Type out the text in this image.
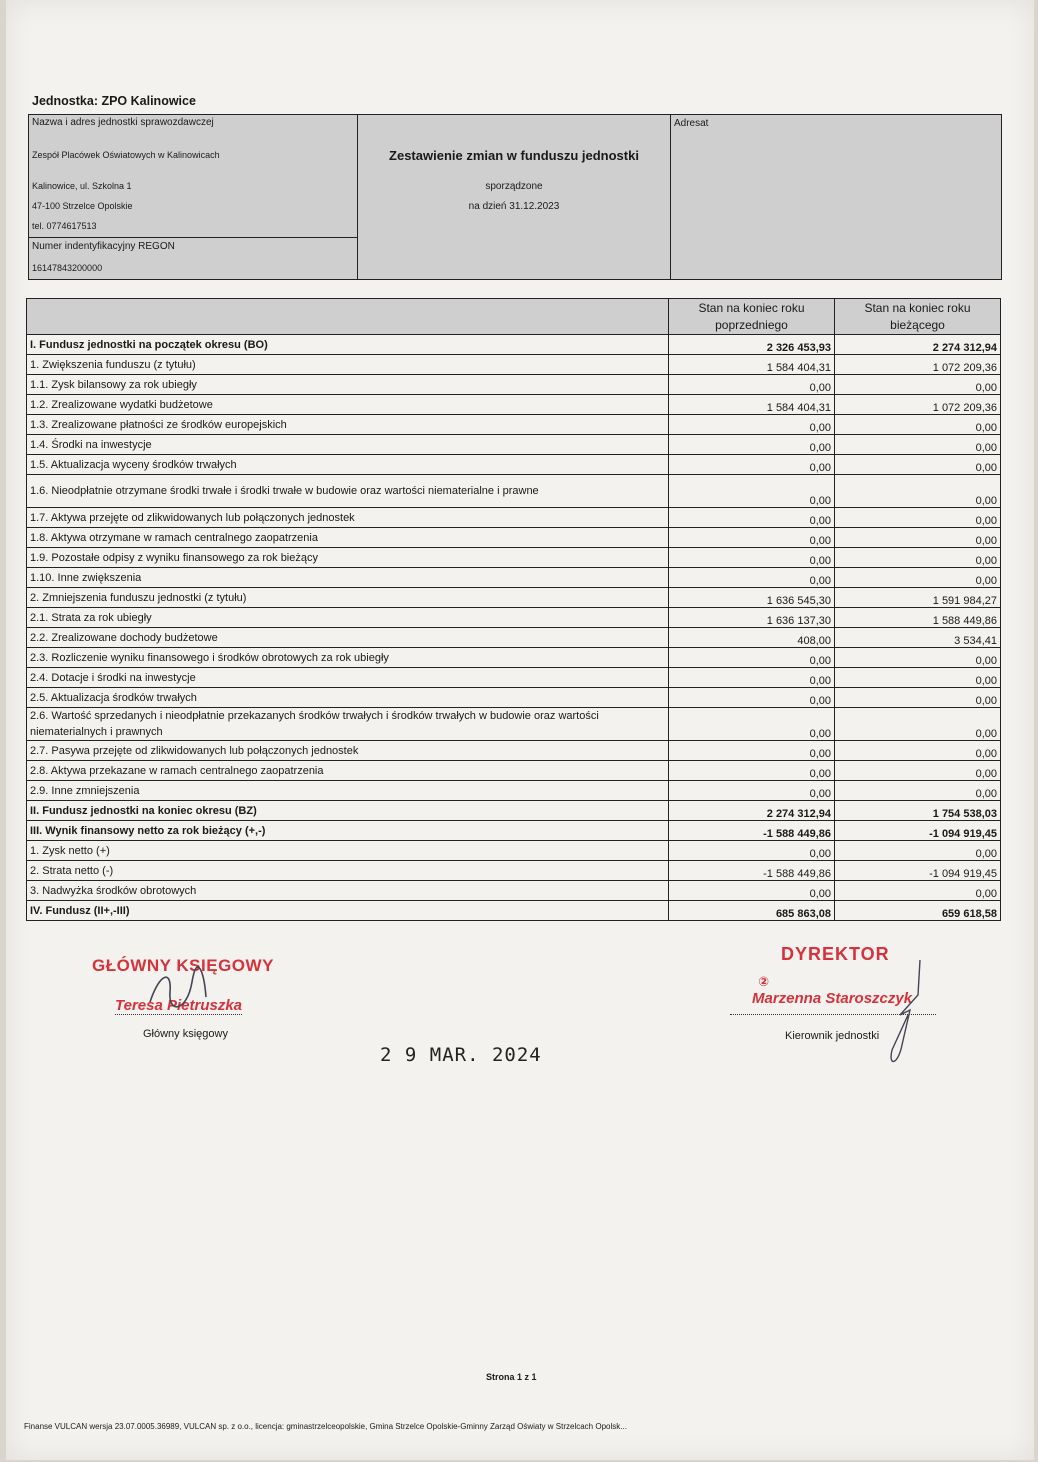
Jednostka: ZPO Kalinowice
Nazwa i adres jednostki sprawozdawczej
Zespół Placówek Oświatowych w Kalinowicach
Kalinowice, ul. Szkolna 1
47-100 Strzelce Opolskie
tel. 0774617513
Numer indentyfikacyjny REGON
16147843200000
Zestawienie zmian w funduszu jednostki
sporządzone
na dzień 31.12.2023
Adresat
	Stan na koniec roku poprzedniego	Stan na koniec roku bieżącego
I. Fundusz jednostki na początek okresu (BO)	2 326 453,93	2 274 312,94
1. Zwiększenia funduszu (z tytułu)	1 584 404,31	1 072 209,36
1.1. Zysk bilansowy za rok ubiegły	0,00	0,00
1.2. Zrealizowane wydatki budżetowe	1 584 404,31	1 072 209,36
1.3. Zrealizowane płatności ze środków europejskich	0,00	0,00
1.4. Środki na inwestycje	0,00	0,00
1.5. Aktualizacja wyceny środków trwałych	0,00	0,00
1.6. Nieodpłatnie otrzymane środki trwałe i środki trwałe w budowie oraz wartości niematerialne i prawne	0,00	0,00
1.7. Aktywa przejęte od zlikwidowanych lub połączonych jednostek	0,00	0,00
1.8. Aktywa otrzymane w ramach centralnego zaopatrzenia	0,00	0,00
1.9. Pozostałe odpisy z wyniku finansowego za rok bieżący	0,00	0,00
1.10. Inne zwiększenia	0,00	0,00
2. Zmniejszenia funduszu jednostki (z tytułu)	1 636 545,30	1 591 984,27
2.1. Strata za rok ubiegły	1 636 137,30	1 588 449,86
2.2. Zrealizowane dochody budżetowe	408,00	3 534,41
2.3. Rozliczenie wyniku finansowego i środków obrotowych za rok ubiegły	0,00	0,00
2.4. Dotacje i środki na inwestycje	0,00	0,00
2.5. Aktualizacja środków trwałych	0,00	0,00
2.6. Wartość sprzedanych i nieodpłatnie przekazanych środków trwałych i środków trwałych w budowie oraz wartości niematerialnych i prawnych	0,00	0,00
2.7. Pasywa przejęte od zlikwidowanych lub połączonych jednostek	0,00	0,00
2.8. Aktywa przekazane w ramach centralnego zaopatrzenia	0,00	0,00
2.9. Inne zmniejszenia	0,00	0,00
II. Fundusz jednostki na koniec okresu (BZ)	2 274 312,94	1 754 538,03
III. Wynik finansowy netto za rok bieżący (+,-)	-1 588 449,86	-1 094 919,45
1. Zysk netto (+)	0,00	0,00
2. Strata netto (-)	-1 588 449,86	-1 094 919,45
3. Nadwyżka środków obrotowych	0,00	0,00
IV. Fundusz (II+,-III)	685 863,08	659 618,58
GŁÓWNY KSIĘGOWY
Teresa Pietruszka
Główny księgowy
DYREKTOR
②
Marzenna Staroszczyk
Kierownik jednostki
2 9 MAR. 2024
Strona 1 z 1
Finanse VULCAN wersja 23.07.0005.36989, VULCAN sp. z o.o., licencja: gminastrzelceopolskie, Gmina Strzelce Opolskie-Gminny Zarząd Oświaty w Strzelcach Opolsk...
